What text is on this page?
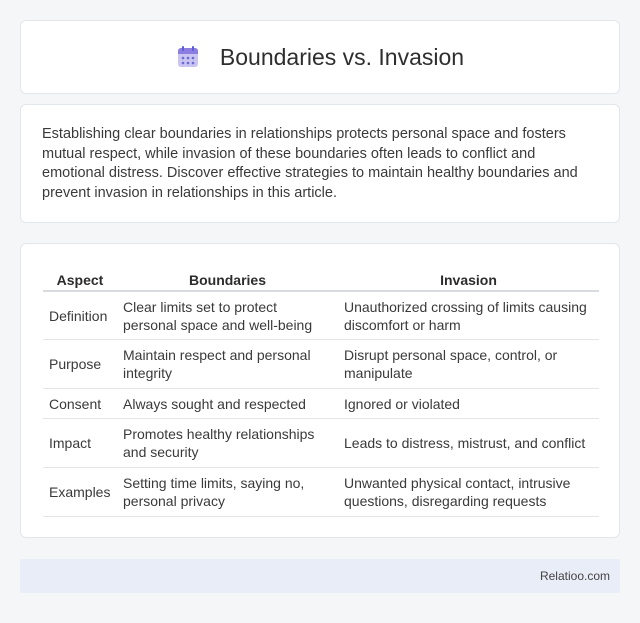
Boundaries vs. Invasion

Establishing clear boundaries in relationships protects personal space and fosters mutual respect, while invasion of these boundaries often leads to conflict and emotional distress. Discover effective strategies to maintain healthy boundaries and prevent invasion in relationships in this article.

Aspect	Boundaries	Invasion
Definition	Clear limits set to protect personal space and well-being	Unauthorized crossing of limits causing discomfort or harm
Purpose	Maintain respect and personal integrity	Disrupt personal space, control, or manipulate
Consent	Always sought and respected	Ignored or violated
Impact	Promotes healthy relationships and security	Leads to distress, mistrust, and conflict
Examples	Setting time limits, saying no, personal privacy	Unwanted physical contact, intrusive questions, disregarding requests
Relatioo.com
